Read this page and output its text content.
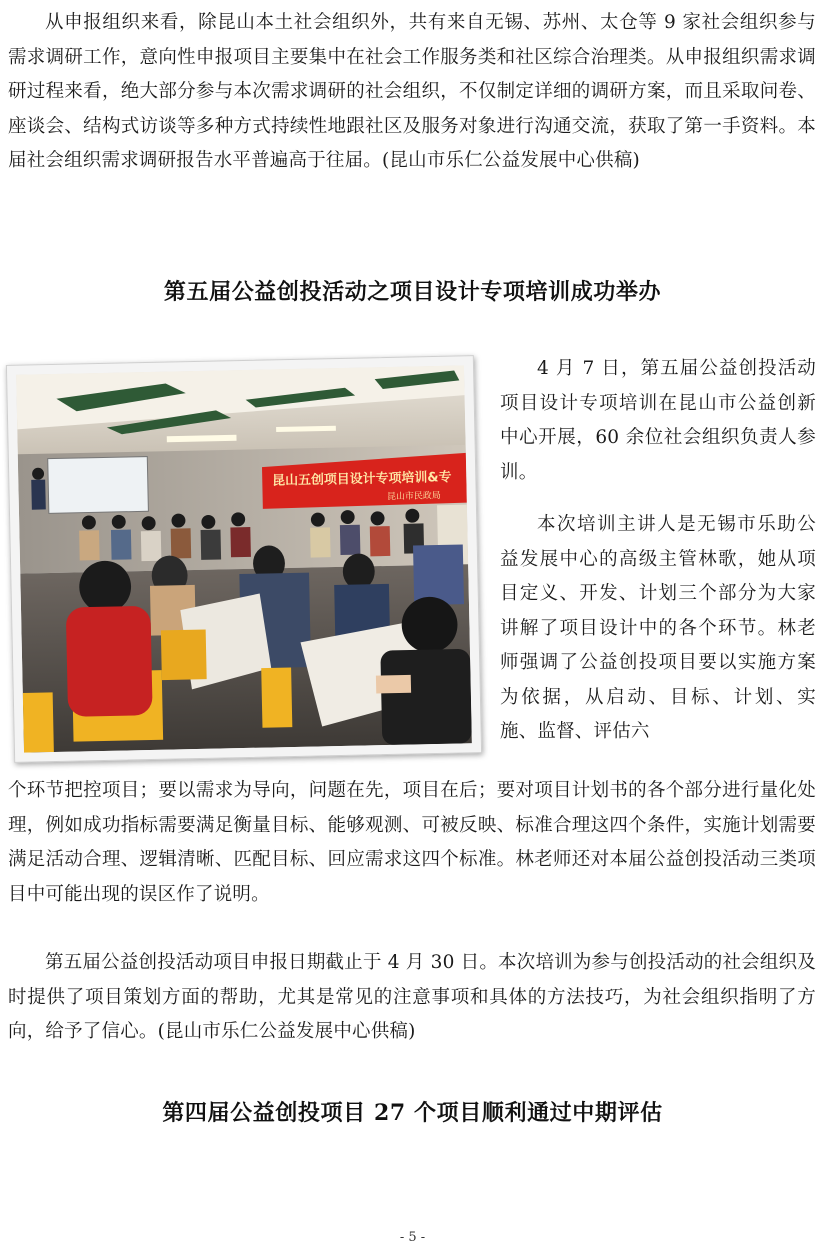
从申报组织来看，除昆山本土社会组织外，共有来自无锡、苏州、太仓等 9 家社会组织参与需求调研工作，意向性申报项目主要集中在社会工作服务类和社区综合治理类。从申报组织需求调研过程来看，绝大部分参与本次需求调研的社会组织，不仅制定详细的调研方案，而且采取问卷、座谈会、结构式访谈等多种方式持续性地跟社区及服务对象进行沟通交流，获取了第一手资料。本届社会组织需求调研报告水平普遍高于往届。(昆山市乐仁公益发展中心供稿)

第五届公益创投活动之项目设计专项培训成功举办
昆山五创项目设计专项培训&专
昆山市民政局

4 月 7 日，第五届公益创投活动项目设计专项培训在昆山市公益创新中心开展，60 余位社会组织负责人参训。

本次培训主讲人是无锡市乐助公益发展中心的高级主管林歌，她从项目定义、开发、计划三个部分为大家讲解了项目设计中的各个环节。林老师强调了公益创投项目要以实施方案为依据，从启动、目标、计划、实施、监督、评估六

个环节把控项目；要以需求为导向，问题在先，项目在后；要对项目计划书的各个部分进行量化处理，例如成功指标需要满足衡量目标、能够观测、可被反映、标准合理这四个条件，实施计划需要满足活动合理、逻辑清晰、匹配目标、回应需求这四个标准。林老师还对本届公益创投活动三类项目中可能出现的误区作了说明。

第五届公益创投活动项目申报日期截止于 4 月 30 日。本次培训为参与创投活动的社会组织及时提供了项目策划方面的帮助，尤其是常见的注意事项和具体的方法技巧，为社会组织指明了方向，给予了信心。(昆山市乐仁公益发展中心供稿)

第四届公益创投项目 27 个项目顺利通过中期评估
- 5 -
